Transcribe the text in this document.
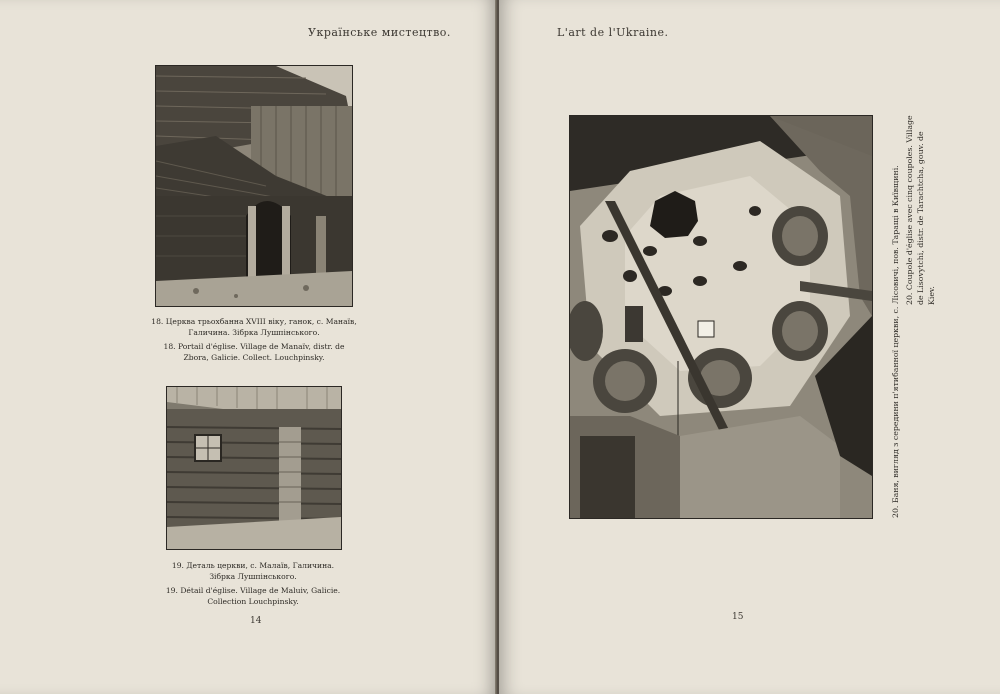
Українське мистецтво.
18. Церква трьохбанна XVIII віку, ганок, с. Манаїв, Галичина. Зібрка Лушпінського.
18. Portail d'église. Village de Manaïv, distr. de Zbora, Galicie. Collect. Louchpinsky.
19. Деталь церкви, с. Малаїв, Галичина. Зібрка Лушпінського.
19. Détail d'église. Village de Maluiv, Galicie. Collection Louchpinsky.
14
L'art de l'Ukraine.
20. Баня, вигляд з середини п'ятибанної церкви, с. Лісовичі, пов. Таращі в Київщині. 20. Coupole d'église avec cinq coupoles. Village de Lisovytchi, distr. de Tarachtcha, gouv. de Kiev.
15
